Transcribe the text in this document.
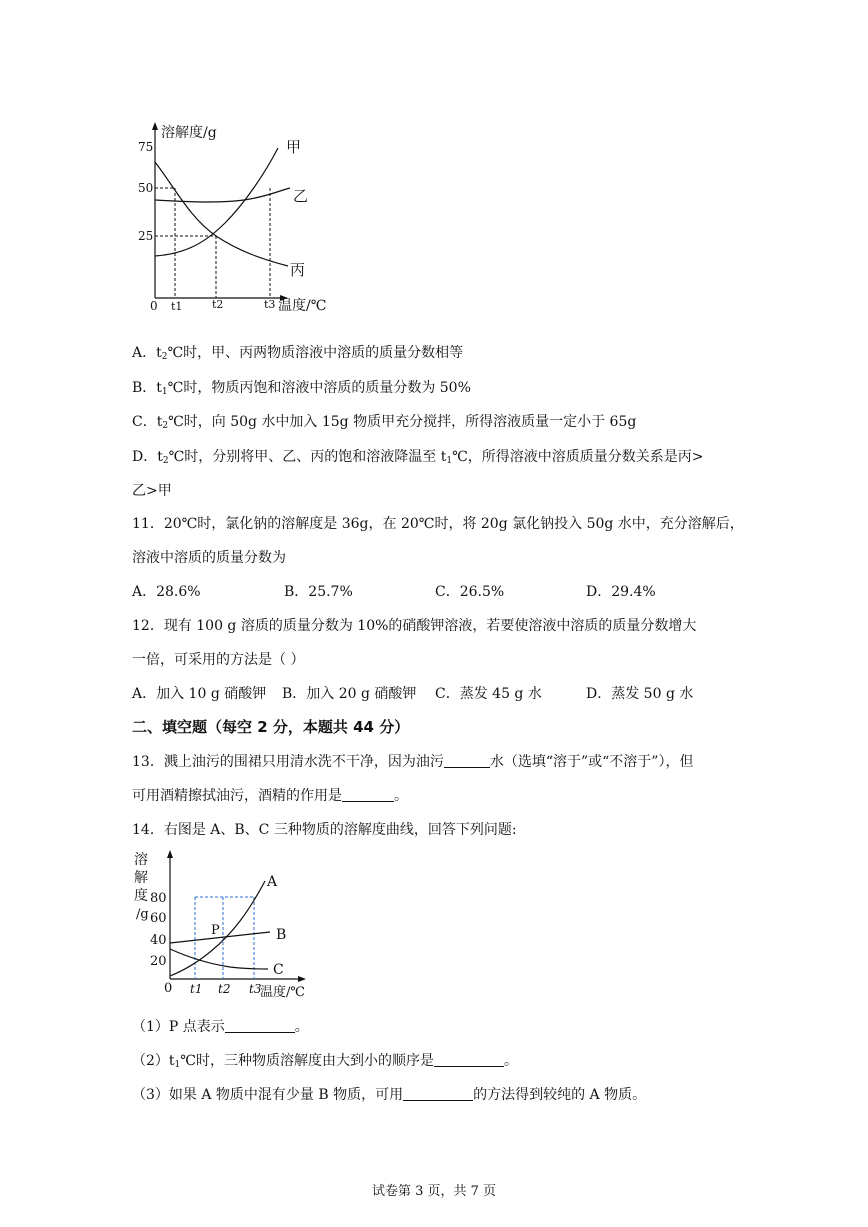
溶解度/g
75
50
25
0 t1	t2	t3 温度/℃
甲
乙
丙
A．$t_2℃$时，甲、丙两物质溶液中溶质的质量分数相等
B．$t_1℃$时，物质丙饱和溶液中溶质的质量分数为 50%
C．$t_2℃$时，向 50g 水中加入 15g 物质甲充分搅拌，所得溶液质量一定小于 65g
D．$t_2℃$时，分别将甲、乙、丙的饱和溶液降温至 $t_1℃$，所得溶液中溶质质量分数关系是丙>
乙>甲
11．20℃时，氯化钠的溶解度是 36g，在 20℃时，将 20g 氯化钠投入 50g 水中，充分溶解后，
溶液中溶质的质量分数为
A．28.6%	B．25.7%	C．26.5%	D．29.4%
12．现有 100 g 溶质的质量分数为 10%的硝酸钾溶液，若要使溶液中溶质的质量分数增大
一倍，可采用的方法是（ ）
A．加入 10 g 硝酸钾 B．加入 20 g 硝酸钾 C．蒸发 45 g 水	D．蒸发 50 g 水
二、填空题（每空 2 分，本题共 44 分）
13．溅上油污的围裙只用清水洗不干净，因为油污	水（选填“溶于”或“不溶于”），但
可用酒精擦拭油污，酒精的作用是	。
14．右图是 A、B、C 三种物质的溶解度曲线，回答下列问题:
溶
解
度
/g
80
60
40
20
0 t1 t2 t3
温度/℃
A
B
C
P
（1）P 点表示	。
$(2)t_1℃$时，三种物质溶解度由大到小的顺序是	。
（3）如果 A 物质中混有少量 B 物质，可用	的方法得到较纯的 A 物质。
试卷第 3 页，共 7 页
